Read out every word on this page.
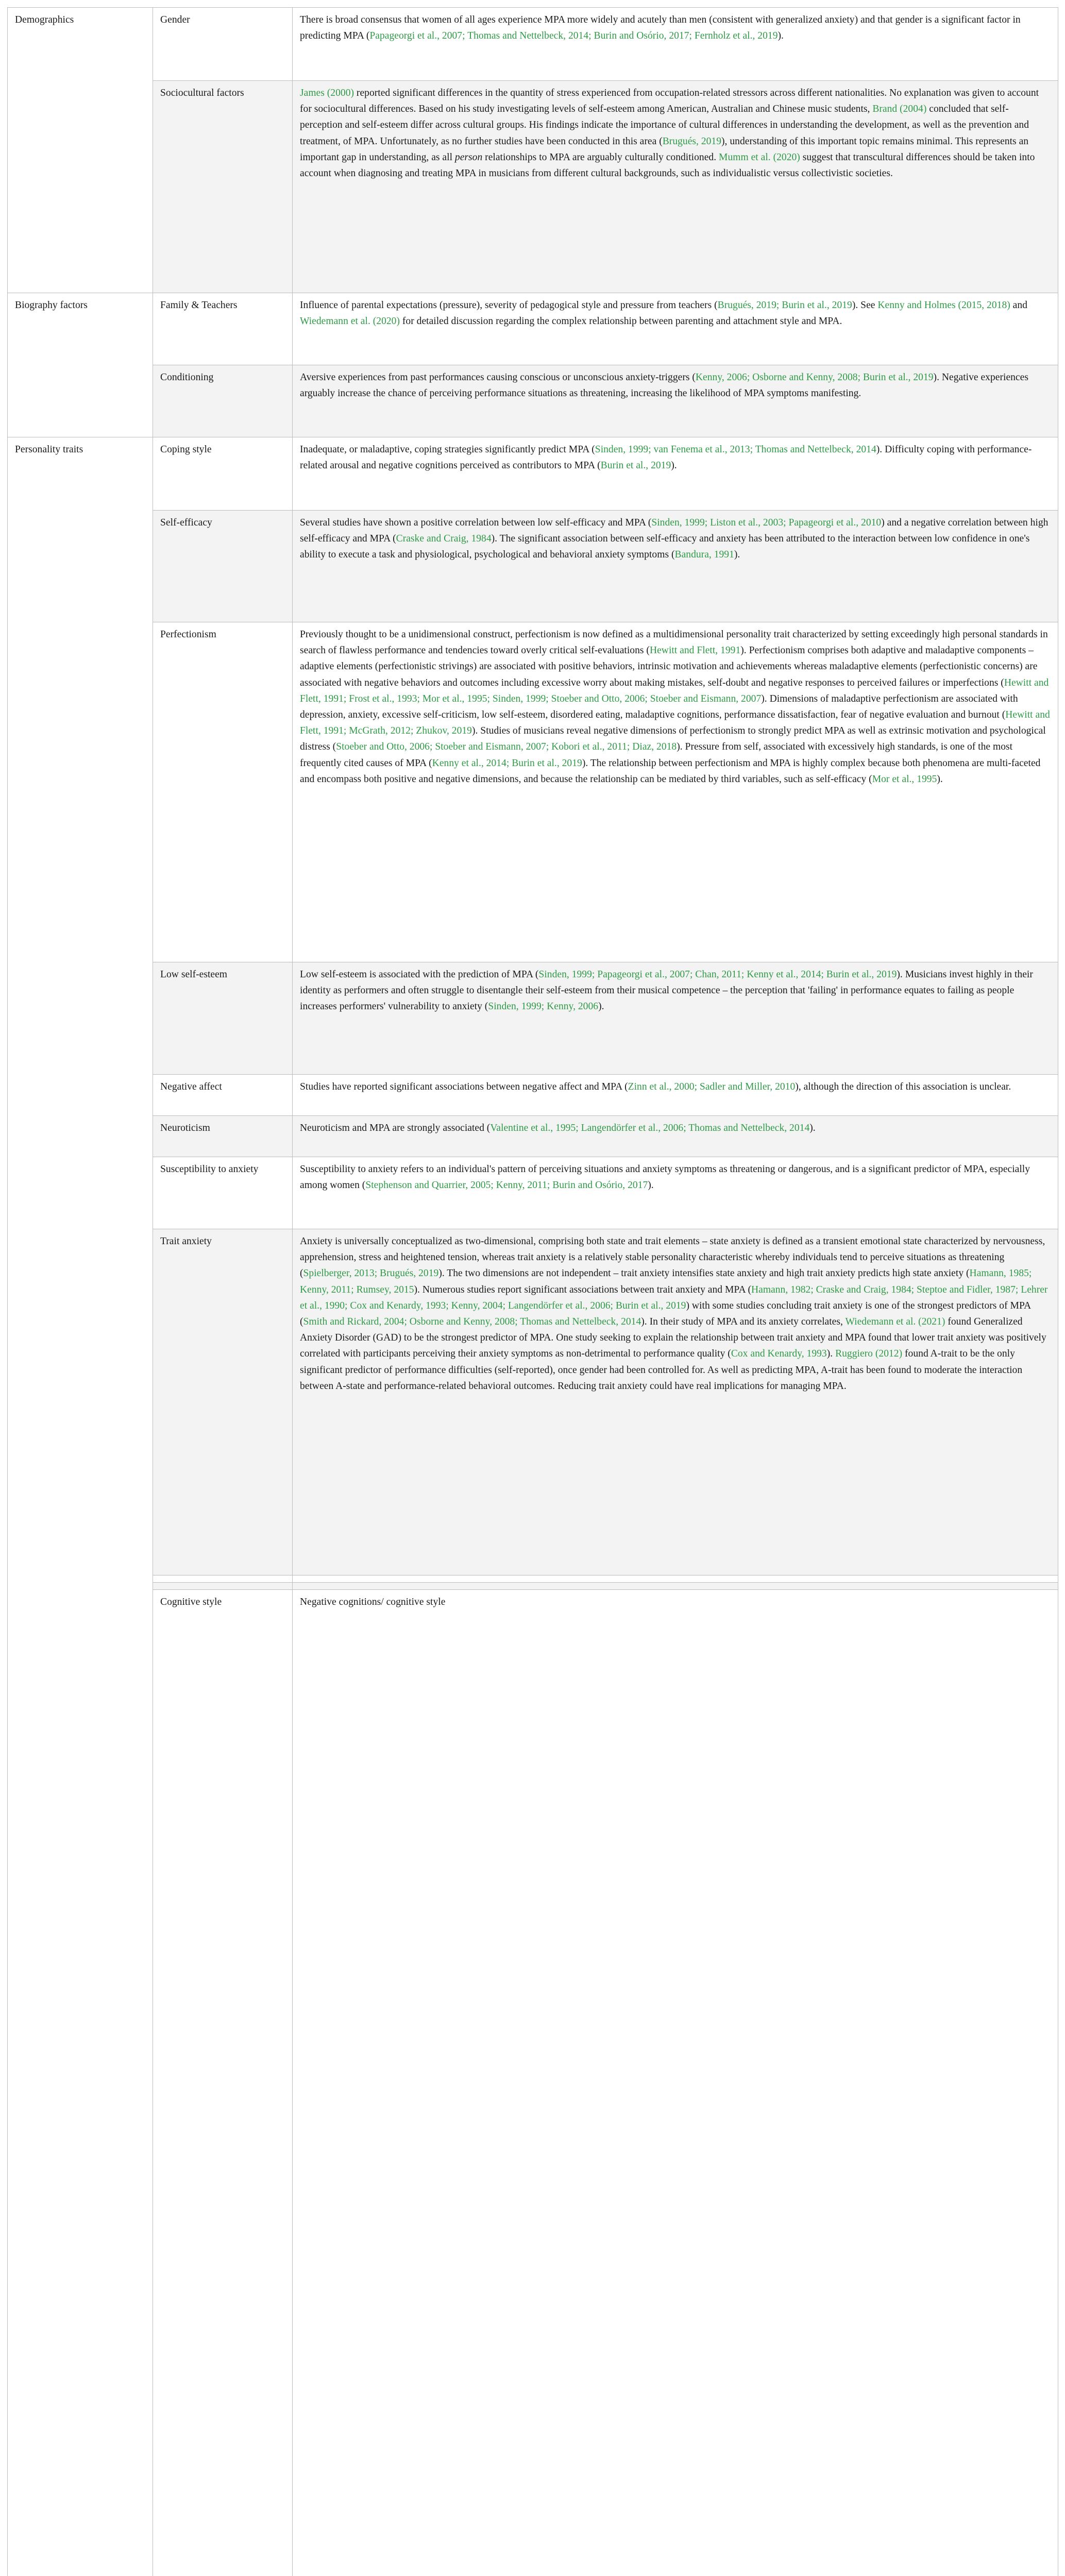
Demographics	Gender	There is broad consensus that women of all ages experience MPA more widely and acutely than men (consistent with generalized anxiety) and that gender is a significant factor in predicting MPA (Papageorgi et al., 2007; Thomas and Nettelbeck, 2014; Burin and Osório, 2017; Fernholz et al., 2019).	
	Sociocultural factors	James (2000) reported significant differences in the quantity of stress experienced from occupation-related stressors across different nationalities. No explanation was given to account for sociocultural differences. Based on his study investigating levels of self-esteem among American, Australian and Chinese music students, Brand (2004) concluded that self-perception and self-esteem differ across cultural groups. His findings indicate the importance of cultural differences in understanding the development, as well as the prevention and treatment, of MPA. Unfortunately, as no further studies have been conducted in this area (Brugués, 2019), understanding of this important topic remains minimal. This represents an important gap in understanding, as all person relationships to MPA are arguably culturally conditioned. Mumm et al. (2020) suggest that transcultural differences should be taken into account when diagnosing and treating MPA in musicians from different cultural backgrounds, such as individualistic versus collectivistic societies.	
Biography factors	Family & Teachers	Influence of parental expectations (pressure), severity of pedagogical style and pressure from teachers (Brugués, 2019; Burin et al., 2019). See Kenny and Holmes (2015, 2018) and Wiedemann et al. (2020) for detailed discussion regarding the complex relationship between parenting and attachment style and MPA.	
	Conditioning	Aversive experiences from past performances causing conscious or unconscious anxiety-triggers (Kenny, 2006; Osborne and Kenny, 2008; Burin et al., 2019). Negative experiences arguably increase the chance of perceiving performance situations as threatening, increasing the likelihood of MPA symptoms manifesting.	
Personality traits	Coping style	Inadequate, or maladaptive, coping strategies significantly predict MPA (Sinden, 1999; van Fenema et al., 2013; Thomas and Nettelbeck, 2014). Difficulty coping with performance-related arousal and negative cognitions perceived as contributors to MPA (Burin et al., 2019).	
	Self-efficacy	Several studies have shown a positive correlation between low self-efficacy and MPA (Sinden, 1999; Liston et al., 2003; Papageorgi et al., 2010) and a negative correlation between high self-efficacy and MPA (Craske and Craig, 1984). The significant association between self-efficacy and anxiety has been attributed to the interaction between low confidence in one's ability to execute a task and physiological, psychological and behavioral anxiety symptoms (Bandura, 1991).	
	Perfectionism	Previously thought to be a unidimensional construct, perfectionism is now defined as a multidimensional personality trait characterized by setting exceedingly high personal standards in search of flawless performance and tendencies toward overly critical self-evaluations (Hewitt and Flett, 1991). Perfectionism comprises both adaptive and maladaptive components – adaptive elements (perfectionistic strivings) are associated with positive behaviors, intrinsic motivation and achievements whereas maladaptive elements (perfectionistic concerns) are associated with negative behaviors and outcomes including excessive worry about making mistakes, self-doubt and negative responses to perceived failures or imperfections (Hewitt and Flett, 1991; Frost et al., 1993; Mor et al., 1995; Sinden, 1999; Stoeber and Otto, 2006; Stoeber and Eismann, 2007). Dimensions of maladaptive perfectionism are associated with depression, anxiety, excessive self-criticism, low self-esteem, disordered eating, maladaptive cognitions, performance dissatisfaction, fear of negative evaluation and burnout (Hewitt and Flett, 1991; McGrath, 2012; Zhukov, 2019). Studies of musicians reveal negative dimensions of perfectionism to strongly predict MPA as well as extrinsic motivation and psychological distress (Stoeber and Otto, 2006; Stoeber and Eismann, 2007; Kobori et al., 2011; Diaz, 2018). Pressure from self, associated with excessively high standards, is one of the most frequently cited causes of MPA (Kenny et al., 2014; Burin et al., 2019). The relationship between perfectionism and MPA is highly complex because both phenomena are multi-faceted and encompass both positive and negative dimensions, and because the relationship can be mediated by third variables, such as self-efficacy (Mor et al., 1995).	
	Low self-esteem	Low self-esteem is associated with the prediction of MPA (Sinden, 1999; Papageorgi et al., 2007; Chan, 2011; Kenny et al., 2014; Burin et al., 2019). Musicians invest highly in their identity as performers and often struggle to disentangle their self-esteem from their musical competence – the perception that 'failing' in performance equates to failing as people increases performers' vulnerability to anxiety (Sinden, 1999; Kenny, 2006).	
	Negative affect	Studies have reported significant associations between negative affect and MPA (Zinn et al., 2000; Sadler and Miller, 2010), although the direction of this association is unclear.	
	Neuroticism	Neuroticism and MPA are strongly associated (Valentine et al., 1995; Langendörfer et al., 2006; Thomas and Nettelbeck, 2014).	
	Susceptibility to anxiety	Susceptibility to anxiety refers to an individual's pattern of perceiving situations and anxiety symptoms as threatening or dangerous, and is a significant predictor of MPA, especially among women (Stephenson and Quarrier, 2005; Kenny, 2011; Burin and Osório, 2017).	
	Trait anxiety	Anxiety is universally conceptualized as two-dimensional, comprising both state and trait elements – state anxiety is defined as a transient emotional state characterized by nervousness, apprehension, stress and heightened tension, whereas trait anxiety is a relatively stable personality characteristic whereby individuals tend to perceive situations as threatening (Spielberger, 2013; Brugués, 2019). The two dimensions are not independent – trait anxiety intensifies state anxiety and high trait anxiety predicts high state anxiety (Hamann, 1985; Kenny, 2011; Rumsey, 2015). Numerous studies report significant associations between trait anxiety and MPA (Hamann, 1982; Craske and Craig, 1984; Steptoe and Fidler, 1987; Lehrer et al., 1990; Cox and Kenardy, 1993; Kenny, 2004; Langendörfer et al., 2006; Burin et al., 2019) with some studies concluding trait anxiety is one of the strongest predictors of MPA (Smith and Rickard, 2004; Osborne and Kenny, 2008; Thomas and Nettelbeck, 2014). In their study of MPA and its anxiety correlates, Wiedemann et al. (2021) found Generalized Anxiety Disorder (GAD) to be the strongest predictor of MPA. One study seeking to explain the relationship between trait anxiety and MPA found that lower trait anxiety was positively correlated with participants perceiving their anxiety symptoms as non-detrimental to performance quality (Cox and Kenardy, 1993). Ruggiero (2012) found A-trait to be the only significant predictor of performance difficulties (self-reported), once gender had been controlled for. As well as predicting MPA, A-trait has been found to moderate the interaction between A-state and performance-related behavioral outcomes. Reducing trait anxiety could have real implications for managing MPA.	

	Cognitive style	Negative cognitions/ cognitive style	
